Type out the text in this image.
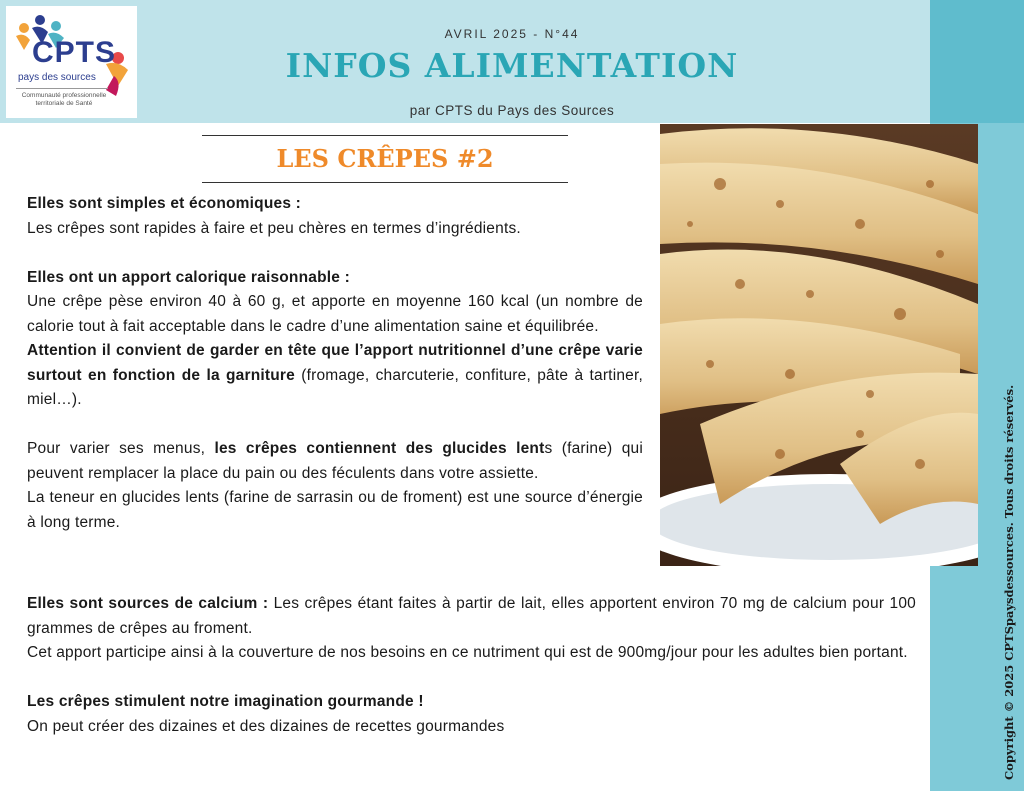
CPTS
pays des sources
Communauté professionnelle territoriale de Santé
AVRIL 2025 - N°44
INFOS ALIMENTATION
par CPTS du Pays des Sources
LES CRÊPES #2

Elles sont simples et économiques :

Les crêpes sont rapides à faire et peu chères en termes d’ingrédients.

Elles ont un apport calorique raisonnable :

Une crêpe pèse environ 40 à 60 g, et apporte en moyenne 160 kcal (un nombre de calorie tout à fait acceptable dans le cadre d’une alimentation saine et équilibrée.

Attention il convient de garder en tête que l’apport nutritionnel d’une crêpe varie surtout en fonction de la garniture (fromage, charcuterie, confiture, pâte à tartiner, miel…).

Pour varier ses menus, les crêpes contiennent des glucides lents (farine) qui peuvent remplacer la place du pain ou des féculents dans votre assiette.

La teneur en glucides lents (farine de sarrasin ou de froment) est une source d’énergie à long terme.

Elles sont sources de calcium : Les crêpes étant faites à partir de lait, elles apportent environ 70 mg de calcium pour 100 grammes de crêpes au froment.

Cet apport participe ainsi à la couverture de nos besoins en ce nutriment qui est de 900mg/jour pour les adultes bien portant.

Les crêpes stimulent notre imagination gourmande !

On peut créer des dizaines et des dizaines de recettes gourmandes	Copyright © 2025 CPTSpaysdessources. Tous droits réservés.
